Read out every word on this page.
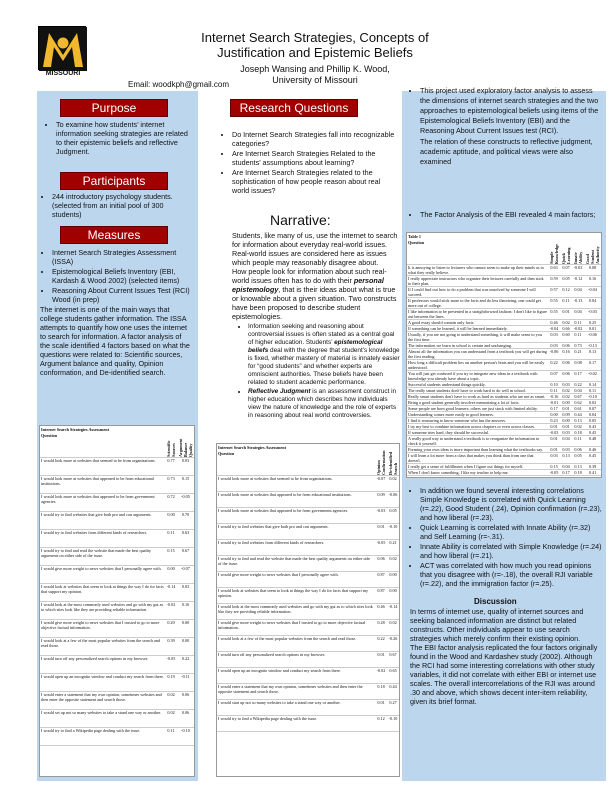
MISSOURI
Internet Search Strategies, Concepts of
Justification and Epistemic Beliefs
Joseph Wansing and Phillip K. Wood,
University of Missouri
Email: woodkph@gmail.com
Purpose
• To examine how students’ internet information seeking strategies are related to their epistemic beliefs and reflective Judgment.
Participants
• 244 introductory psychology students. (selected from an initial pool of 300 students)
Measures
• Internet Search Strategies Assessment (ISSA)
• Epistemological Beliefs Inventory (EBI, Kardash & Wood 2002) (selected items)
• Reasoning About Current Issues Test (RCI) Wood (in prep)

The internet is one of the main ways that college students gather information. The ISSA attempts to quantify how one uses the internet to search for information. A factor analysis of the scale identified 4 factors based on what the questions were related to: Scientific sources, Argument balance and quality, Opinion conformation, and De-identified search.

Internet Search Strategies Assessment
Question	Scientific Sources	Argument Balance Quality
I would look more at websites that seemed to be from organizations.	0.77	0.03
I would look more at websites that appeared to be from educational institutions.	0.73	0.15
I would look more at websites that appeared to be from government agencies.	0.72	-0.05
I would try to find websites that give both pro and con arguments.	0.00	0.70
I would try to find websites from different kinds of researchers.	0.11	0.63
I would try to find and read the website that made the best quality arguments on either side of the issue.	0.15	0.67
I would give more weight to news websites that I personally agree with.	0.00	-0.07
I would look at websites that seem to look at things the way I do for facts that support my opinion.	-0.14	0.03
I would look at the most commonly used websites and go with my gut as to which sites look like they are providing reliable information.	-0.02	0.16
I would give more weight to news websites that I trusted to go to more objective factual information.	0.20	0.00
I would look at a few of the most popular websites from the search and read those.	0.39	0.00
I would turn off any personalized search options in my browser.	-0.05	0.22
I would open up an incognito window and conduct my search from there.	0.19	-0.11
I would enter a statement that my own opinion, sometimes websites and then enter the opposite statement and search those.	0.02	0.06
I would set up not so many websites to take a stand one way or another.	0.02	0.06
I would try to find a Wikipedia page dealing with the issue.	0.11	-0.10
Research Questions
• Do Internet Search Strategies fall into recognizable categories?
• Are Internet Search Strategies Related to the students’ assumptions about learning?
• Are Internet Search Strategies related to the sophistication of how people reason about real world issues?
Narrative:

Students, like many of us, use the internet to search for information about everyday real-world issues. Real-world issues are considered here as issues which people may reasonably disagree about.

How people look for information about such real-world issues often has to do with their personal epistemology, that is their ideas about what is true or knowable about a given situation. Two constructs have been proposed to describe student epistemologies.

• Information seeking and reasoning about controversial issues is often stated as a central goal of higher education. Students’ epistemological beliefs deal with the degree that student’s knowledge is fixed, whether mastery of material is innately easier for “good students” and whether experts are omniscient authorities. These beliefs have been related to student academic performance.
• Reflective Judgment is an assessment construct in higher education which describes how individuals view the nature of knowledge and the role of experts in reasoning about real world controversies.
Internet Search Strategies Assessment
Question	Opinion Confirmation	De-identified Search
I would look more at websites that seemed to be from organizations.	-0.07	0.02
I would look more at websites that appeared to be from educational institutions.	0.09	-0.06
I would look more at websites that appeared to be from government agencies.	-0.03	0.05
I would try to find websites that give both pro and con arguments.	0.01	-0.10
I would try to find websites from different kinds of researchers.	-0.05	0.21
I would try to find and read the website that made the best quality arguments on either side of the issue.	0.06	0.02
I would give more weight to news websites that I personally agree with.	0.87	0.00
I would look at websites that seem to look at things the way I do for facts that support my opinion.	0.87	0.00
I would look at the most commonly used websites and go with my gut as to which sites look like they are providing reliable information.	0.46	-0.14
I would give more weight to news websites that I trusted to go to more objective factual information.	0.28	0.02
I would look at a few of the most popular websites from the search and read those.	0.22	-0.26
I would turn off any personalized search options in my browser.	0.01	0.67
I would open up an incognito window and conduct my search from there.	-0.02	0.65
I would enter a statement that my own opinion, sometimes websites and then enter the opposite statement and search those.	0.18	0.44
I would start up not so many websites to take a stand one way or another.	0.01	0.27
I would try to find a Wikipedia page dealing with the issue.	0.12	-0.10
• This project used exploratory factor analysis to assess the dimensions of internet search strategies and the two approaches to epistemological beliefs using items of the Epistemological Beliefs Inventory (EBI) and the Reasoning About Current Issues test (RCI).

The relation of these constructs to reflective judgment, academic aptitude, and political views were also examined

• The Factor Analysis of the EBI revealed 4 main factors;
Table 1
Question	Simple Knowledge	Quick Learning	Innate Ability	Good Student Authority
It is annoying to listen to lecturers who cannot seem to make up their minds as to what they really believe.	0.63	0.07	-0.03	0.08
I really appreciate instructors who organize their lectures carefully and then stick to their plan.	0.59	0.05	-0.12	0.16
If I could find out how to do a problem that was unsolved by someone I will succeed.	0.57	0.12	0.04	-0.04
If professors would stick more to the facts and do less theorizing, one could get more out of college.	0.55	0.11	-0.13	0.04
I like information to be presented in a straightforward fashion; I don't like to figure out between the lines.	0.55	0.01	0.04	-0.03
A good essay should contain only facts.	0.46	0.02	0.11	0.25
If something can be learned, it will be learned immediately.	-0.04	0.66	-0.02	0.01
Usually, if you are not going to understand something, it will make sense to you the first time.	0.03	0.60	0.11	-0.06
The information we learn in school is certain and unchanging.	0.03	0.06	0.73	-0.13
Almost all the information you can understand from a textbook you will get during the first reading.	-0.06	0.16	0.21	0.13
How long a difficult problem lies on another person's hints and you will be easily understood.	0.22	0.06	0.08	0.17
You will just get confused if you try to integrate new ideas in a textbook with knowledge you already have about a topic.	0.07	0.06	0.17	-0.02
Successful students understand things quickly.	0.10	0.03	0.22	0.14
The really smart students don't have to work hard to do well in school.	0.11	0.02	0.04	0.11
Really smart students don't have to work as hard as students who are not as smart.	-0.16	0.02	0.67	-0.10
Being a good student generally involves memorizing a lot of facts.	-0.01	0.00	0.62	0.02
Some people are born good learners; others are just stuck with limited ability.	0.17	0.01	0.61	0.07
Understanding comes more easily to good learners.	0.00	0.09	0.44	0.04
I find it reassuring to know someone who has the answers.	0.23	0.00	0.13	0.05
I try my best to combine information across chapters or even across classes.	0.01	0.01	0.02	0.43
If someone tries hard, they should be successful.	-0.03	0.03	0.18	0.45
A really good way to understand a textbook is to reorganize the information to check it yourself.	0.01	0.04	0.11	0.48
Forming your own ideas is more important than learning what the textbooks say.	0.01	0.03	0.06	0.46
I will learn a lot more from a class that makes you think than from one that doesn't.	0.03	0.13	0.05	0.45
I really get a sense of fulfillment when I figure out things for myself.	0.15	0.04	0.13	0.39
When I don't know something, I like my teacher to help me.	-0.05	0.17	0.18	0.41
• In addition we found several interesting correlations Simple Knowledge is correlated with Quick Learning (r=.22), Good Student (.24), Opinion confirmation (r=.23), and how liberal (r=.23).
• Quick Learning is correlated with Innate Ability (r=.32) and Self Learning (r=-.31).
• Innate Ability is correlated with Simple Knowledge (r=.24) and how liberal (r=.21).
• ACT was correlated with how much you read opinions that you disagree with (r=-.18), the overall RJI variable (r=.22), and the immigration factor (r=.25).
Discussion

In terms of internet use, quality of internet sources and seeking balanced information are distinct but related constructs. Other individuals appear to use search strategies which merely confirm their existing opinion.

The EBI factor analysis replicated the four factors originally found in the Wood and Kardashev study (2002). Although the RCI had some interesting correlations with other study variables, it did not correlate with either EBI or internet use scales. The overall intercorrelations of the RJI was around .30 and above, which shows decent inter-item reliability, given its brief format.
